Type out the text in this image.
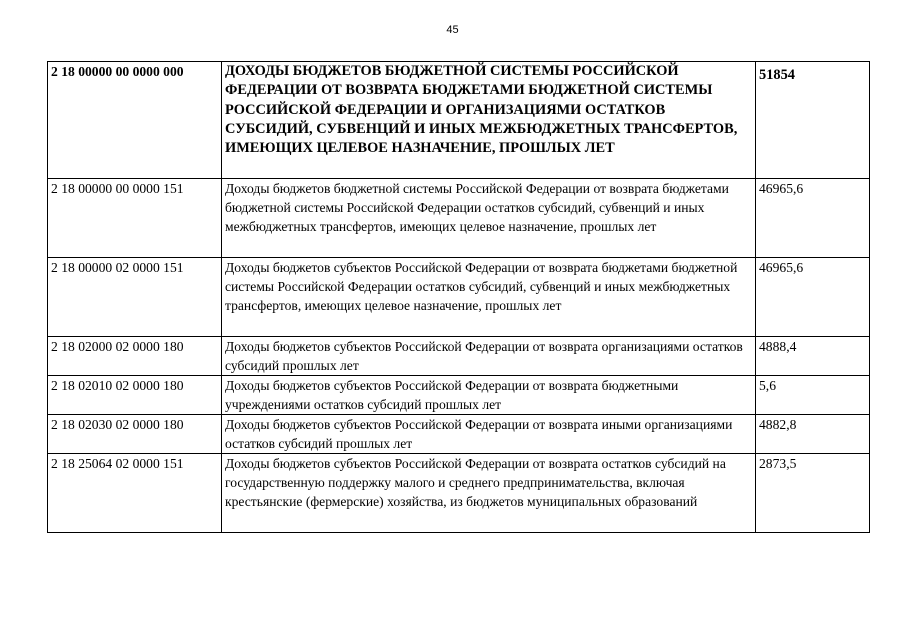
45
2 18 00000 00 0000 000	ДОХОДЫ БЮДЖЕТОВ БЮДЖЕТНОЙ СИСТЕМЫ РОССИЙСКОЙ ФЕДЕРАЦИИ ОТ ВОЗВРАТА БЮДЖЕТАМИ БЮДЖЕТНОЙ СИСТЕМЫ РОССИЙСКОЙ ФЕДЕРАЦИИ И ОРГАНИЗАЦИЯМИ ОСТАТКОВ СУБСИДИЙ, СУБВЕНЦИЙ И ИНЫХ МЕЖБЮДЖЕТНЫХ ТРАНСФЕРТОВ, ИМЕЮЩИХ ЦЕЛЕВОЕ НАЗНАЧЕНИЕ, ПРОШЛЫХ ЛЕТ	51854
2 18 00000 00 0000 151	Доходы бюджетов бюджетной системы Российской Федерации от возврата бюджетами бюджетной системы Российской Федерации остатков субсидий, субвенций и иных межбюджетных трансфертов, имеющих целевое назначение, прошлых лет	46965,6
2 18 00000 02 0000 151	Доходы бюджетов субъектов Российской Федерации от возврата бюджетами бюджетной системы Российской Федерации остатков субсидий, субвенций и иных межбюджетных трансфертов, имеющих целевое назначение, прошлых лет	46965,6
2 18 02000 02 0000 180	Доходы бюджетов субъектов Российской Федерации от возврата организациями остатков субсидий прошлых лет	4888,4
2 18 02010 02 0000 180	Доходы бюджетов субъектов Российской Федерации от возврата бюджетными учреждениями остатков субсидий прошлых лет	5,6
2 18 02030 02 0000 180	Доходы бюджетов субъектов Российской Федерации от возврата иными организациями остатков субсидий прошлых лет	4882,8
2 18 25064 02 0000 151	Доходы бюджетов субъектов Российской Федерации от возврата остатков субсидий на государственную поддержку малого и среднего предпринимательства, включая крестьянские (фермерские) хозяйства, из бюджетов муниципальных образований	2873,5
